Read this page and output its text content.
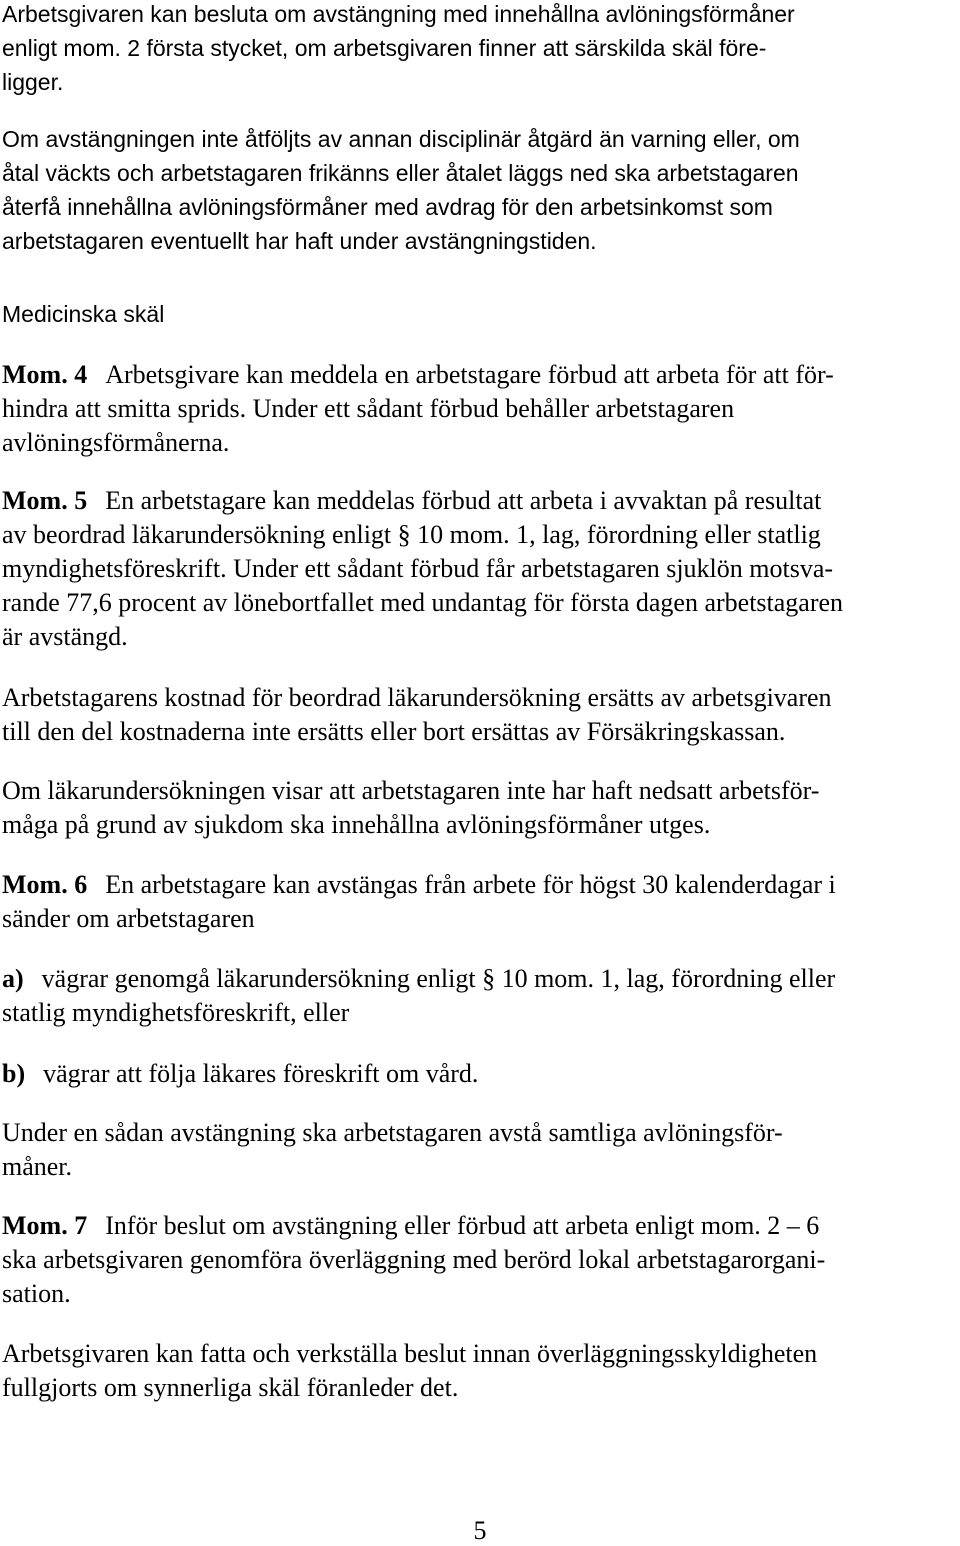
Arbetsgivaren kan besluta om avstängning med innehållna avlöningsförmåner
enligt mom. 2 första stycket, om arbetsgivaren finner att särskilda skäl före-
ligger.
Om avstängningen inte åtföljts av annan disciplinär åtgärd än varning eller, om
åtal väckts och arbetstagaren frikänns eller åtalet läggs ned ska arbetstagaren
återfå innehållna avlöningsförmåner med avdrag för den arbetsinkomst som
arbetstagaren eventuellt har haft under avstängningstiden.
Medicinska skäl
Mom. 4 Arbetsgivare kan meddela en arbetstagare förbud att arbeta för att för-
hindra att smitta sprids. Under ett sådant förbud behåller arbetstagaren
avlöningsförmånerna.
Mom. 5 En arbetstagare kan meddelas förbud att arbeta i avvaktan på resultat
av beordrad läkarundersökning enligt § 10 mom. 1, lag, förordning eller statlig
myndighetsföreskrift. Under ett sådant förbud får arbetstagaren sjuklön motsva-
rande 77,6 procent av lönebortfallet med undantag för första dagen arbetstagaren
är avstängd.
Arbetstagarens kostnad för beordrad läkarundersökning ersätts av arbetsgivaren
till den del kostnaderna inte ersätts eller bort ersättas av Försäkringskassan.
Om läkarundersökningen visar att arbetstagaren inte har haft nedsatt arbetsför-
måga på grund av sjukdom ska innehållna avlöningsförmåner utges.
Mom. 6 En arbetstagare kan avstängas från arbete för högst 30 kalenderdagar i
sänder om arbetstagaren
a) vägrar genomgå läkarundersökning enligt § 10 mom. 1, lag, förordning eller
statlig myndighetsföreskrift, eller
b) vägrar att följa läkares föreskrift om vård.
Under en sådan avstängning ska arbetstagaren avstå samtliga avlöningsför-
måner.
Mom. 7 Inför beslut om avstängning eller förbud att arbeta enligt mom. 2 – 6
ska arbetsgivaren genomföra överläggning med berörd lokal arbetstagarorgani-
sation.
Arbetsgivaren kan fatta och verkställa beslut innan överläggningsskyldigheten
fullgjorts om synnerliga skäl föranleder det.
5
